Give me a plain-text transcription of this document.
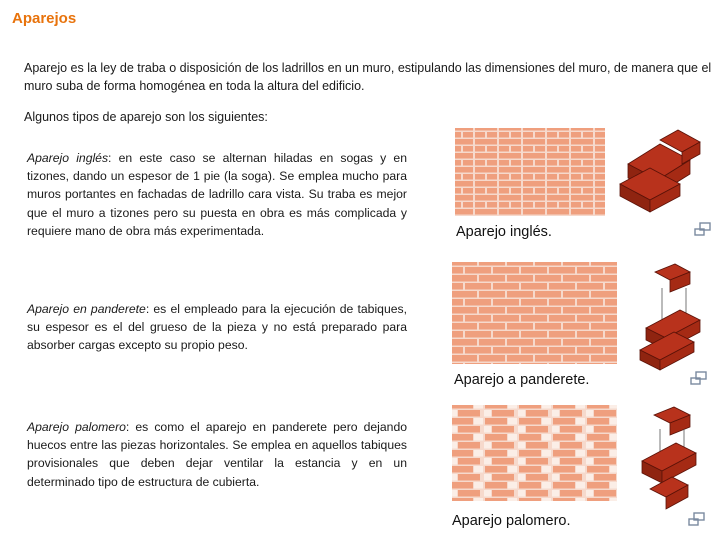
Aparejos
Aparejo es la ley de traba o disposición de los ladrillos en un muro, estipulando las dimensiones del muro, de manera que el muro suba de forma homogénea en toda la altura del edificio.
Algunos tipos de aparejo son los siguientes:
Aparejo inglés: en este caso se alternan hiladas en sogas y en tizones, dando un espesor de 1 pie (la soga). Se emplea mucho para muros portantes en fachadas de ladrillo cara vista. Su traba es mejor que el muro a tizones pero su puesta en obra es más complicada y requiere mano de obra más experimentada.
Aparejo en panderete: es el empleado para la ejecución de tabiques, su espesor es el del grueso de la pieza y no está preparado para absorber cargas excepto su propio peso.
Aparejo palomero: es como el aparejo en panderete pero dejando huecos entre las piezas horizontales. Se emplea en aquellos tabiques provisionales que deben dejar ventilar la estancia y en un determinado tipo de estructura de cubierta.
Aparejo inglés.
Aparejo a panderete.
Aparejo palomero.
